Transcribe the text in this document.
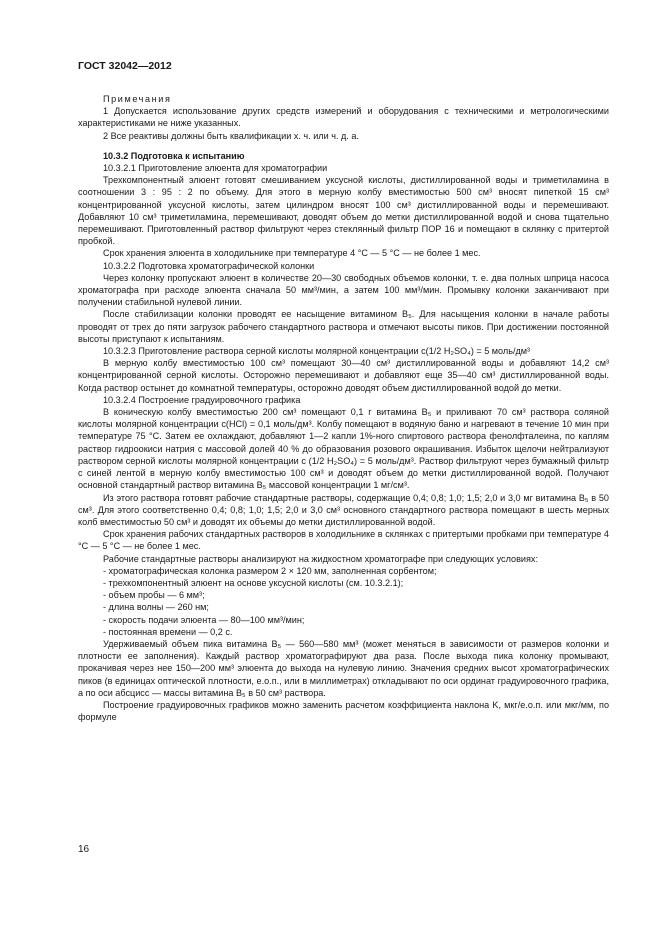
ГОСТ 32042—2012

Примечания

1 Допускается использование других средств измерений и оборудования с техническими и метрологическими характеристиками не ниже указанных.

2 Все реактивы должны быть квалификации х. ч. или ч. д. а.

10.3.2 Подготовка к испытанию

10.3.2.1 Приготовление элюента для хроматографии

Трехкомпонентный элюент готовят смешиванием уксусной кислоты, дистиллированной воды и триметиламина в соотношении 3 : 95 : 2 по объему. Для этого в мерную колбу вместимостью 500 см³ вносят пипеткой 15 см³ концентрированной уксусной кислоты, затем цилиндром вносят 100 см³ дистиллированной воды и перемешивают. Добавляют 10 см³ триметиламина, перемешивают, доводят объем до метки дистиллированной водой и снова тщательно перемешивают. Приготовленный раствор фильтруют через стеклянный фильтр ПОР 16 и помещают в склянку с притертой пробкой.

Срок хранения элюента в холодильнике при температуре 4 °С — 5 °С — не более 1 мес.

10.3.2.2 Подготовка хроматографической колонки

Через колонку пропускают элюент в количестве 20—30 свободных объемов колонки, т. е. два полных шприца насоса хроматографа при расходе элюента сначала 50 мм³/мин, а затем 100 мм³/мин. Промывку колонки заканчивают при получении стабильной нулевой линии.

После стабилизации колонки проводят ее насыщение витамином B₅. Для насыщения колонки в начале работы проводят от трех до пяти загрузок рабочего стандартного раствора и отмечают высоты пиков. При достижении постоянной высоты приступают к испытаниям.

10.3.2.3 Приготовление раствора серной кислоты молярной концентрации c(1/2 H₂SO₄) = 5 моль/дм³

В мерную колбу вместимостью 100 см³ помещают 30—40 см³ дистиллированной воды и добавляют 14,2 см³ концентрированной серной кислоты. Осторожно перемешивают и добавляют еще 35—40 см³ дистиллированной воды. Когда раствор остынет до комнатной температуры, осторожно доводят объем дистиллированной водой до метки.

10.3.2.4 Построение градуировочного графика

В коническую колбу вместимостью 200 см³ помещают 0,1 г витамина B₅ и приливают 70 см³ раствора соляной кислоты молярной концентрации c(HCl) = 0,1 моль/дм³. Колбу помещают в водяную баню и нагревают в течение 10 мин при температуре 75 °С. Затем ее охлаждают, добавляют 1—2 капли 1%-ного спиртового раствора фенолфталеина, по каплям раствор гидроокиси натрия с массовой долей 40 % до образования розового окрашивания. Избыток щелочи нейтрализуют раствором серной кислоты молярной концентрации c (1/2 H₂SO₄) = 5 моль/дм³. Раствор фильтруют через бумажный фильтр с синей лентой в мерную колбу вместимостью 100 см³ и доводят объем до метки дистиллированной водой. Получают основной стандартный раствор витамина B₅ массовой концентрации 1 мг/см³.

Из этого раствора готовят рабочие стандартные растворы, содержащие 0,4; 0,8; 1,0; 1,5; 2,0 и 3,0 мг витамина B₅ в 50 см³. Для этого соответственно 0,4; 0,8; 1,0; 1,5; 2,0 и 3,0 см³ основного стандартного раствора помещают в шесть мерных колб вместимостью 50 см³ и доводят их объемы до метки дистиллированной водой.

Срок хранения рабочих стандартных растворов в холодильнике в склянках с притертыми пробками при температуре 4 °С — 5 °С — не более 1 мес.

Рабочие стандартные растворы анализируют на жидкостном хроматографе при следующих условиях:

- хроматографическая колонка размером 2 × 120 мм, заполненная сорбентом;

- трехкомпонентный элюент на основе уксусной кислоты (см. 10.3.2.1);

- объем пробы — 6 мм³;

- длина волны — 260 нм;

- скорость подачи элюента — 80—100 мм³/мин;

- постоянная времени — 0,2 с.

Удерживаемый объем пика витамина B₅ — 560—580 мм³ (может меняться в зависимости от размеров колонки и плотности ее заполнения). Каждый раствор хроматографируют два раза. После выхода пика колонку промывают, прокачивая через нее 150—200 мм³ элюента до выхода на нулевую линию. Значения средних высот хроматографических пиков (в единицах оптической плотности, е.о.п., или в миллиметрах) откладывают по оси ординат градуировочного графика, а по оси абсцисс — массы витамина B₅ в 50 см³ раствора.

Построение градуировочных графиков можно заменить расчетом коэффициента наклона K, мкг/е.о.п. или мкг/мм, по формуле

16
